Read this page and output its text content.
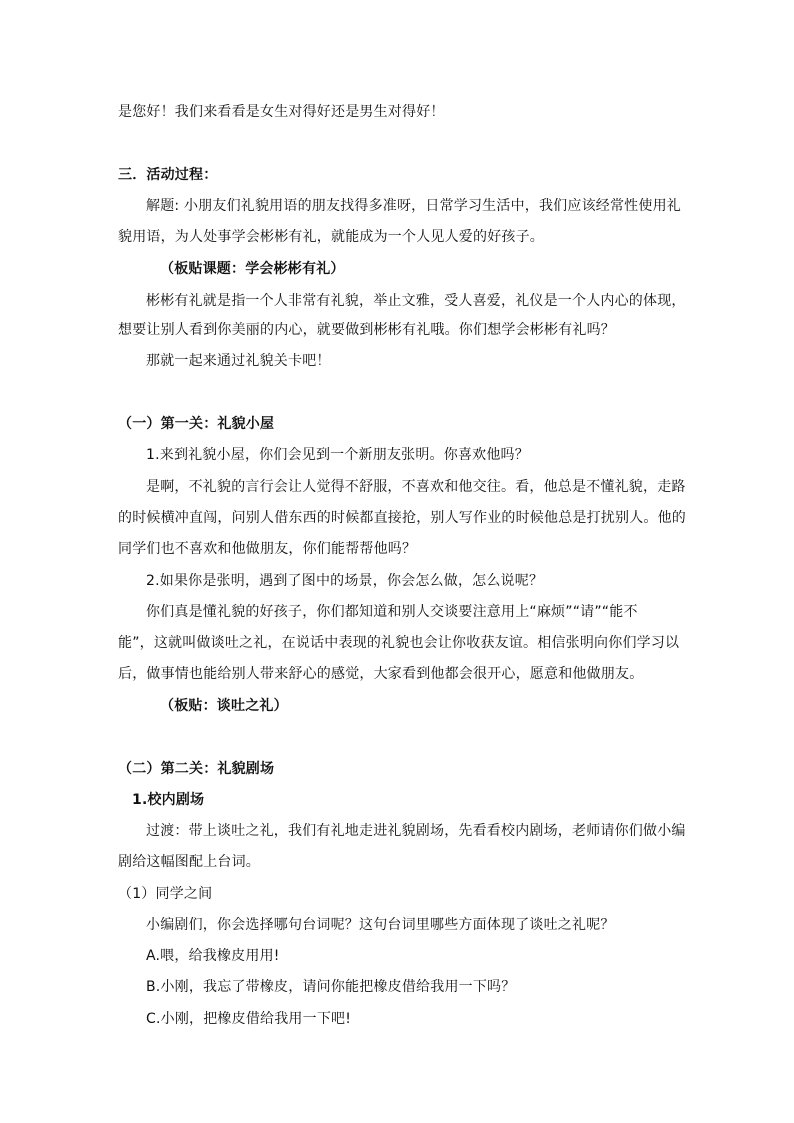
是您好！我们来看看是女生对得好还是男生对得好！
三．活动过程：
解题: 小朋友们礼貌用语的朋友找得多准呀，日常学习生活中，我们应该经常性使用礼
貌用语，为人处事学会彬彬有礼，就能成为一个人见人爱的好孩子。
（板贴课题：学会彬彬有礼）
彬彬有礼就是指一个人非常有礼貌，举止文雅，受人喜爱，礼仪是一个人内心的体现，
想要让别人看到你美丽的内心，就要做到彬彬有礼哦。你们想学会彬彬有礼吗？
那就一起来通过礼貌关卡吧！
（一）第一关：礼貌小屋
1.来到礼貌小屋，你们会见到一个新朋友张明。你喜欢他吗？
是啊，不礼貌的言行会让人觉得不舒服，不喜欢和他交往。看，他总是不懂礼貌，走路
的时候横冲直闯，问别人借东西的时候都直接抢，别人写作业的时候他总是打扰别人。他的
同学们也不喜欢和他做朋友，你们能帮帮他吗？
2.如果你是张明，遇到了图中的场景，你会怎么做，怎么说呢？
你们真是懂礼貌的好孩子，你们都知道和别人交谈要注意用上“麻烦”“请”“能不
能”，这就叫做谈吐之礼，在说话中表现的礼貌也会让你收获友谊。相信张明向你们学习以
后，做事情也能给别人带来舒心的感觉，大家看到他都会很开心，愿意和他做朋友。
（板贴：谈吐之礼）
（二）第二关：礼貌剧场
1.校内剧场
过渡：带上谈吐之礼，我们有礼地走进礼貌剧场，先看看校内剧场，老师请你们做小编
剧给这幅图配上台词。
（1）同学之间
小编剧们，你会选择哪句台词呢？这句台词里哪些方面体现了谈吐之礼呢？
A.喂，给我橡皮用用!
B.小刚，我忘了带橡皮，请问你能把橡皮借给我用一下吗？
C.小刚，把橡皮借给我用一下吧!
